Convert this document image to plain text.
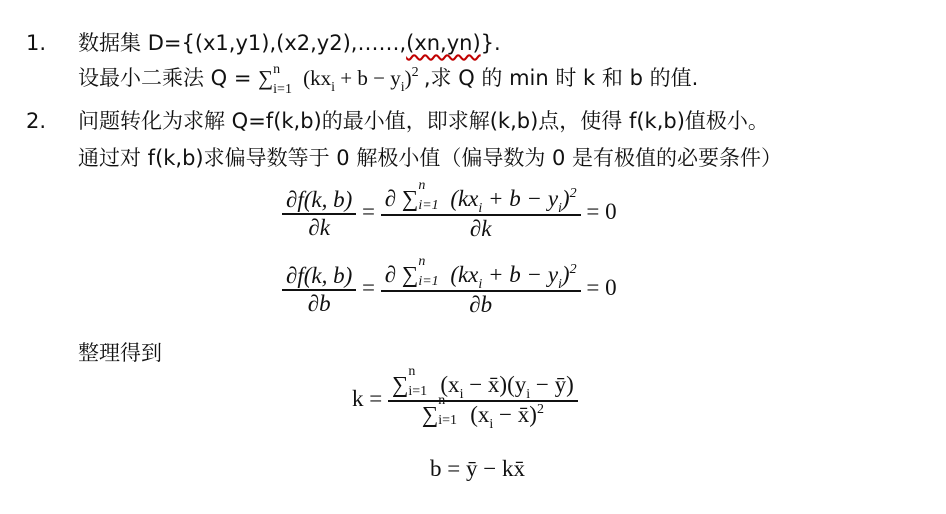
1. 数据集 D={(x1,y1),(x2,y2),……,(xn,yn)}.
设最小二乘法 Q = ∑ n
i=1 $(kx_i + b - y_i)^2$ ,求 Q 的 min 时 k 和 b 的值.
2. 问题转化为求解 Q=f(k,b)的最小值，即求解(k,b)点，使得 f(k,b)值极小。
通过对 f(k,b)求偏导数等于 0 解极小值（偏导数为 0 是有极值的必要条件）
$\frac{\partial f(k, b)}{\partial k}$ = ∂ ∑
n
i=1 $(kx_i + b - y_i)^2$
∂k = 0
$\frac{\partial f(k, b)}{\partial b}$ = ∂ ∑
n
i=1 $(kx_i + b - y_i)^2$
∂b = 0
整理得到
k = ∑
n
i=1 ($x_i$ − $x̄)(y_i$ − ȳ)
∑
n
i=1 ($x_i$ − x̄)$^2$
b = ȳ − kx̄
